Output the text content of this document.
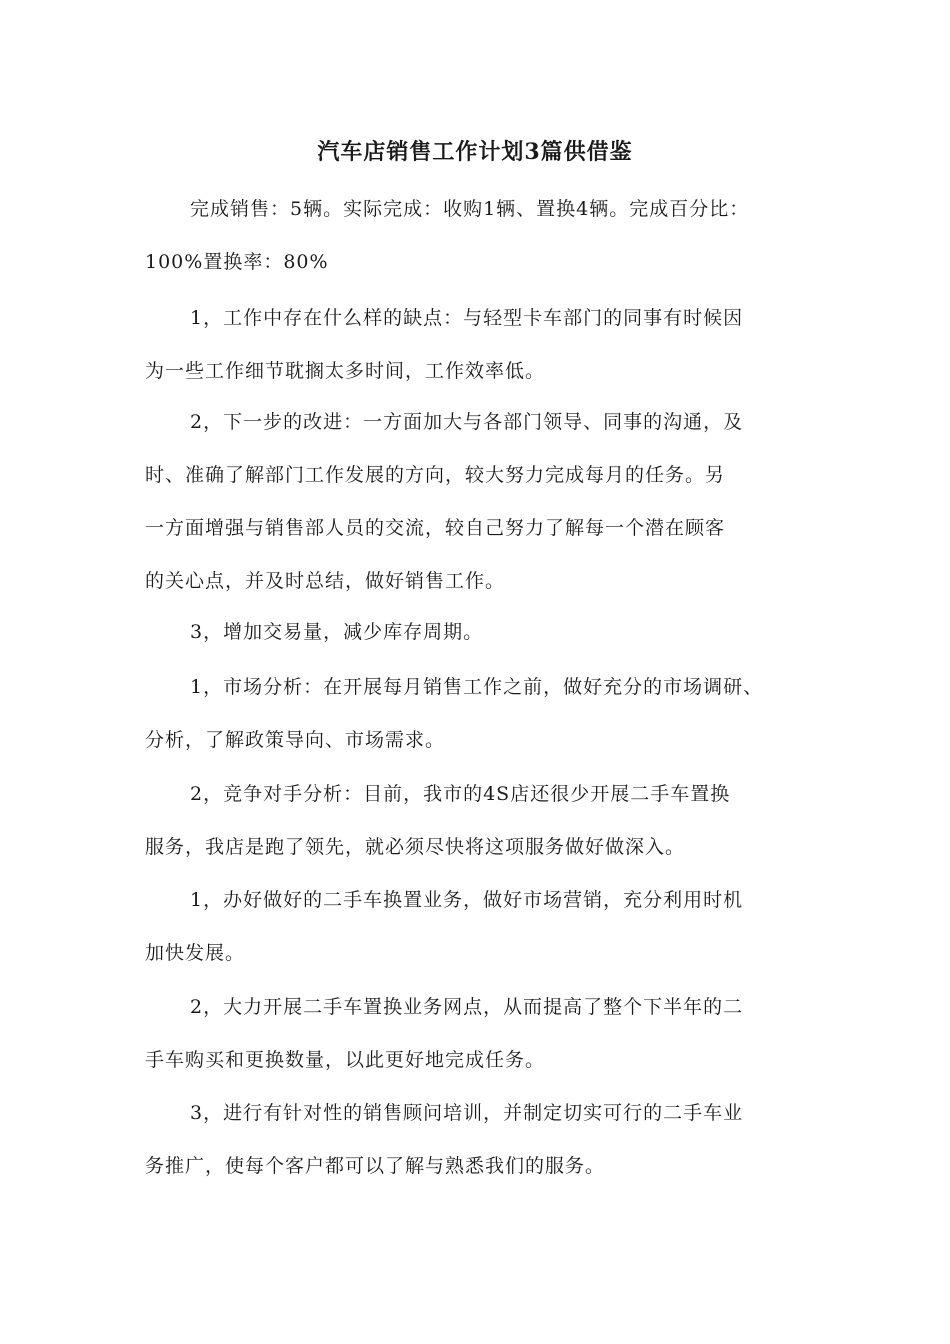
汽车店销售工作计划3篇供借鉴

完成销售：5辆。实际完成：收购1辆、置换4辆。完成百分比：
100%置换率：80%

1，工作中存在什么样的缺点：与轻型卡车部门的同事有时候因
为一些工作细节耽搁太多时间，工作效率低。

2，下一步的改进：一方面加大与各部门领导、同事的沟通，及
时、准确了解部门工作发展的方向，较大努力完成每月的任务。另
一方面增强与销售部人员的交流，较自己努力了解每一个潜在顾客
的关心点，并及时总结，做好销售工作。

3，增加交易量，减少库存周期。

1，市场分析：在开展每月销售工作之前，做好充分的市场调研、
分析，了解政策导向、市场需求。

2，竞争对手分析：目前，我市的4S店还很少开展二手车置换
服务，我店是跑了领先，就必须尽快将这项服务做好做深入。

1，办好做好的二手车换置业务，做好市场营销，充分利用时机
加快发展。

2，大力开展二手车置换业务网点，从而提高了整个下半年的二
手车购买和更换数量，以此更好地完成任务。

3，进行有针对性的销售顾问培训，并制定切实可行的二手车业
务推广，使每个客户都可以了解与熟悉我们的服务。
